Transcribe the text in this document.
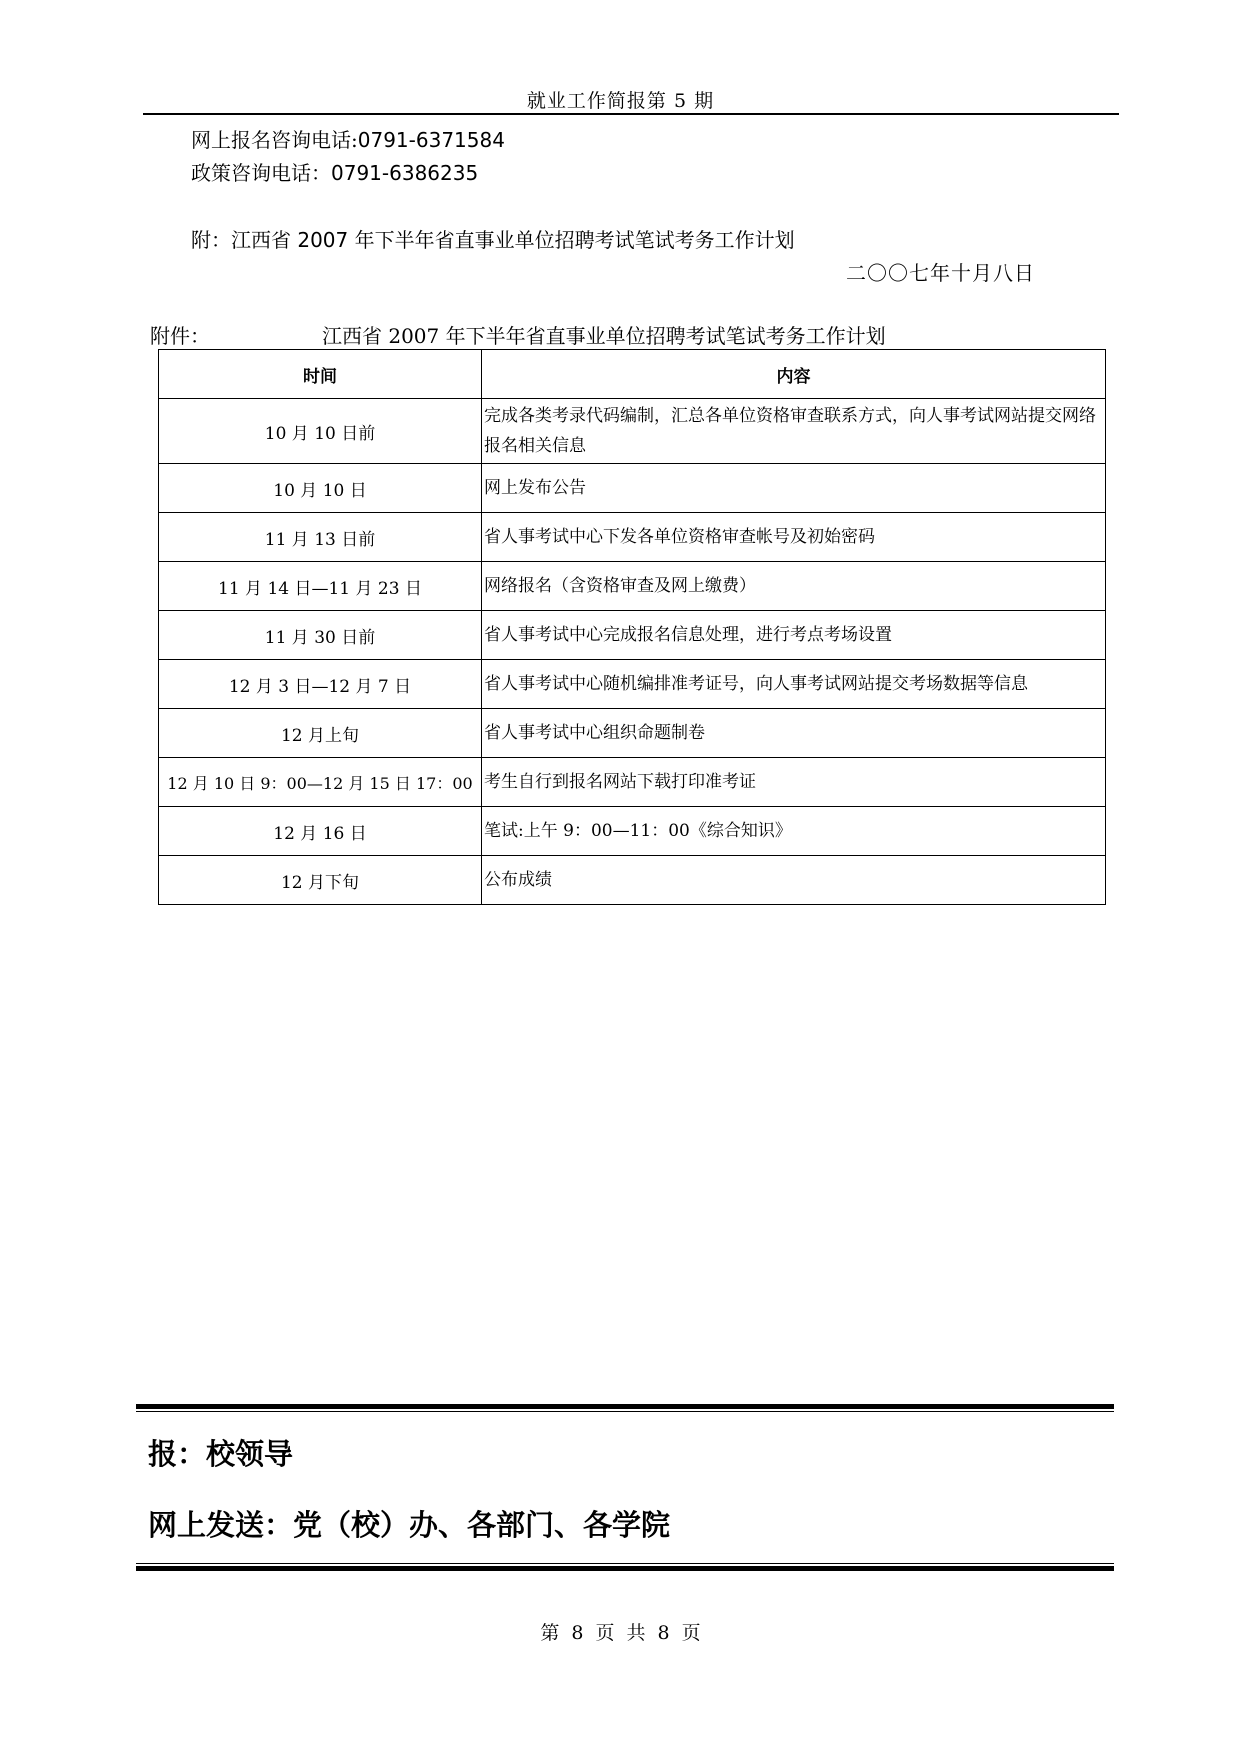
就业工作简报第 5 期
网上报名咨询电话:0791-6371584
政策咨询电话：0791-6386235
附：江西省 2007 年下半年省直事业单位招聘考试笔试考务工作计划
二〇〇七年十月八日
附件：	江西省 2007 年下半年省直事业单位招聘考试笔试考务工作计划
时间	内容
10 月 10 日前	完成各类考录代码编制，汇总各单位资格审查联系方式，向人事考试网站提交网络报名相关信息
10 月 10 日	网上发布公告
11 月 13 日前	省人事考试中心下发各单位资格审查帐号及初始密码
11 月 14 日—11 月 23 日	网络报名（含资格审查及网上缴费）
11 月 30 日前	省人事考试中心完成报名信息处理，进行考点考场设置
12 月 3 日—12 月 7 日	省人事考试中心随机编排准考证号，向人事考试网站提交考场数据等信息
12 月上旬	省人事考试中心组织命题制卷
12 月 10 日 9：00—12 月 15 日 17：00	考生自行到报名网站下载打印准考证
12 月 16 日	笔试:上午 9：00—11：00《综合知识》
12 月下旬	公布成绩
报：校领导
网上发送：党（校）办、各部门、各学院
第 8 页 共 8 页
